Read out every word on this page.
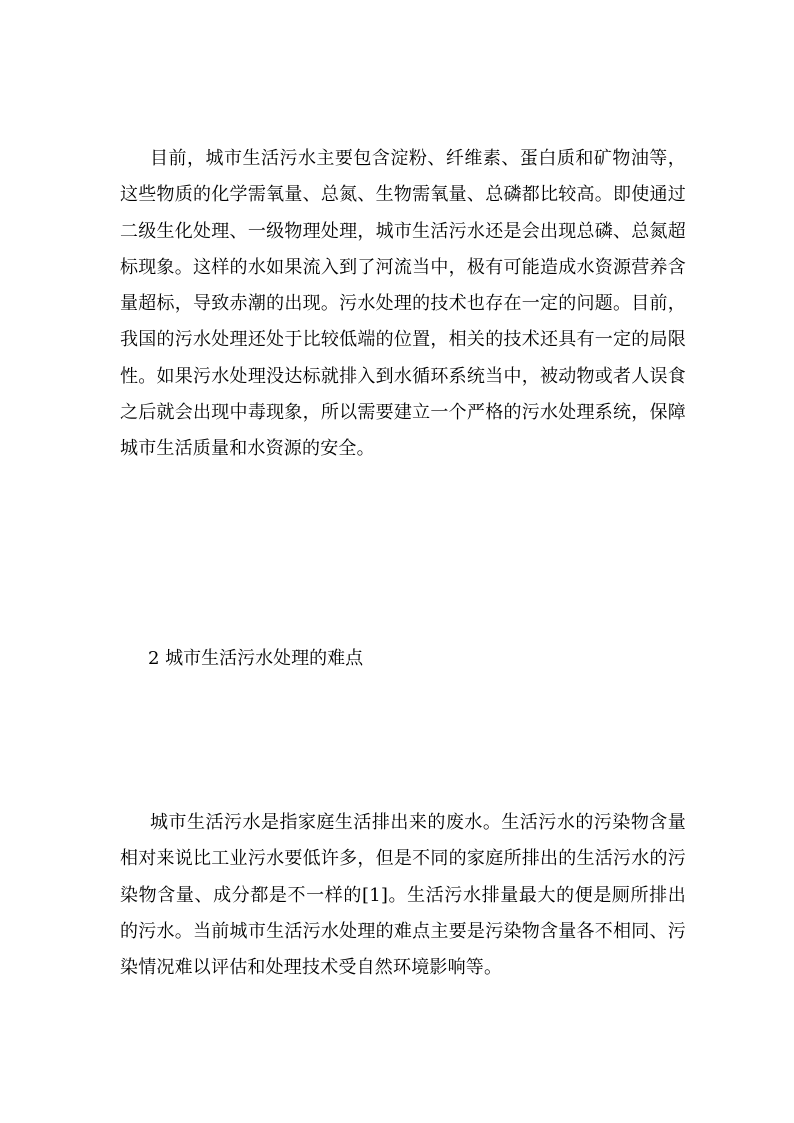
目前，城市生活污水主要包含淀粉、纤维素、蛋白质和矿物油等，这些物质的化学需氧量、总氮、生物需氧量、总磷都比较高。即使通过二级生化处理、一级物理处理，城市生活污水还是会出现总磷、总氮超标现象。这样的水如果流入到了河流当中，极有可能造成水资源营养含量超标，导致赤潮的出现。污水处理的技术也存在一定的问题。目前，我国的污水处理还处于比较低端的位置，相关的技术还具有一定的局限性。如果污水处理没达标就排入到水循环系统当中，被动物或者人误食之后就会出现中毒现象，所以需要建立一个严格的污水处理系统，保障城市生活质量和水资源的安全。

2 城市生活污水处理的难点

城市生活污水是指家庭生活排出来的废水。生活污水的污染物含量相对来说比工业污水要低许多，但是不同的家庭所排出的生活污水的污染物含量、成分都是不一样的[1]。生活污水排量最大的便是厕所排出的污水。当前城市生活污水处理的难点主要是污染物含量各不相同、污染情况难以评估和处理技术受自然环境影响等。
